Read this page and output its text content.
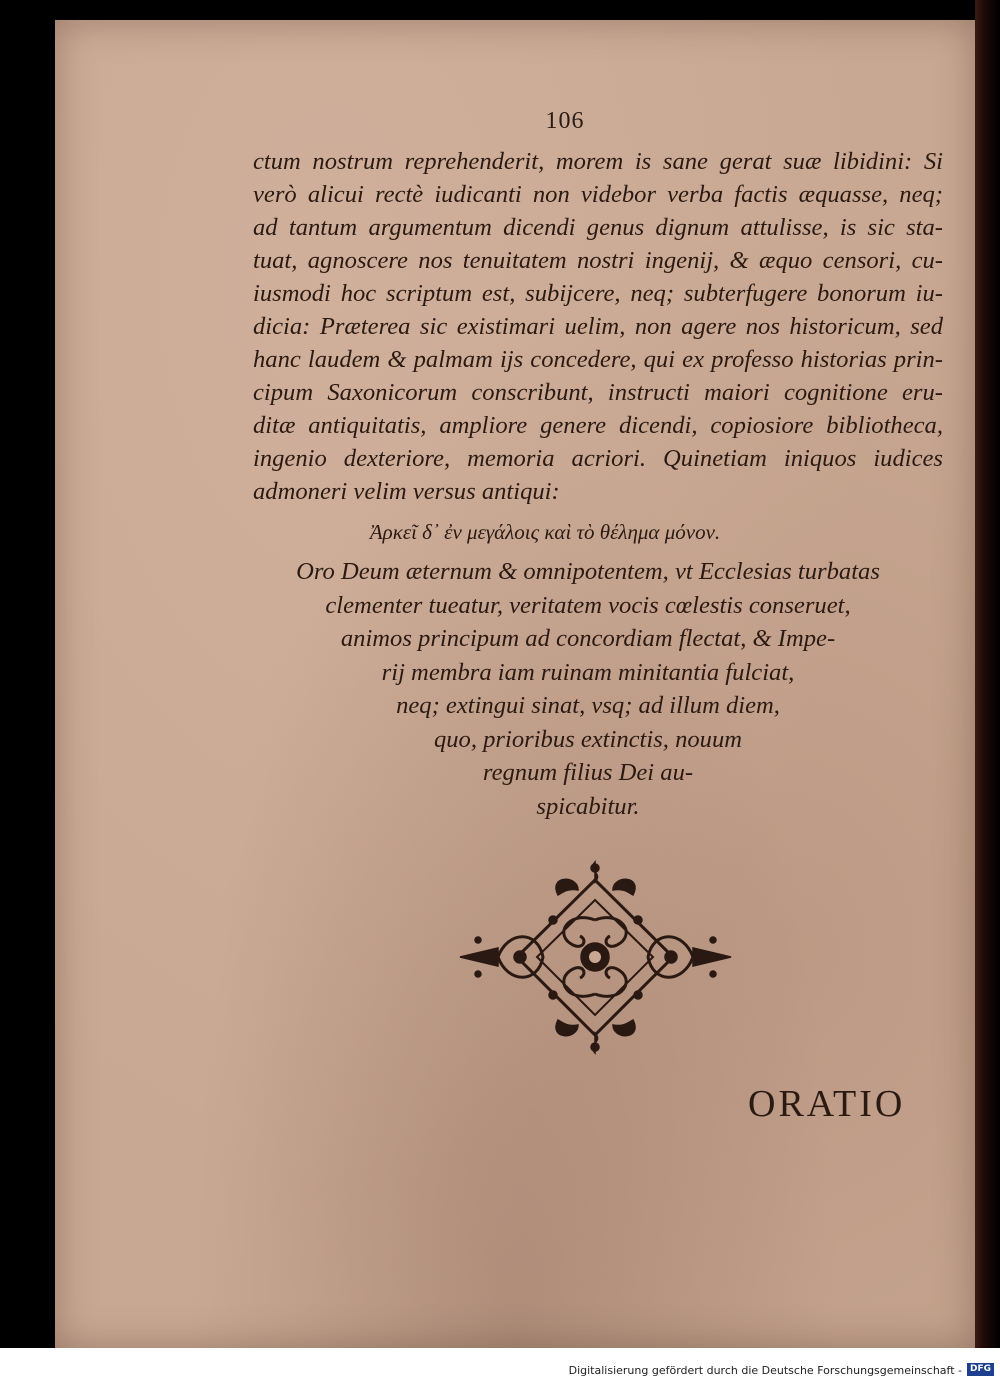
106
ctum nostrum reprehenderit, morem is sane gerat suæ libidini: Si
verò alicui rectè iudicanti non videbor verba factis æquasse, neq;
ad tantum argumentum dicendi genus dignum attulisse, is sic sta-
tuat, agnoscere nos tenuitatem nostri ingenij, & æquo censori, cu-
iusmodi hoc scriptum est, subijcere, neq; subterfugere bonorum iu-
dicia: Præterea sic existimari uelim, non agere nos historicum, sed
hanc laudem & palmam ijs concedere, qui ex professo historias prin-
cipum Saxonicorum conscribunt, instructi maiori cognitione eru-
ditæ antiquitatis, ampliore genere dicendi, copiosiore bibliotheca,
ingenio dexteriore, memoria acriori. Quinetiam iniquos iudices
admoneri velim versus antiqui:
Ἀρκεῖ δ᾽ ἐν μεγάλοις καὶ τὸ θέλημα μόνον.
Oro Deum æternum & omnipotentem, vt Ecclesias turbatas
clementer tueatur, veritatem vocis cœlestis conseruet,
animos principum ad concordiam flectat, & Impe-
rij membra iam ruinam minitantia fulciat,
neq; extingui sinat, vsq; ad illum diem,
quo, prioribus extinctis, nouum
regnum filius Dei au-
spicabitur.
ORATIO
Digitalisierung gefördert durch die Deutsche Forschungsgemeinschaft - DFG
